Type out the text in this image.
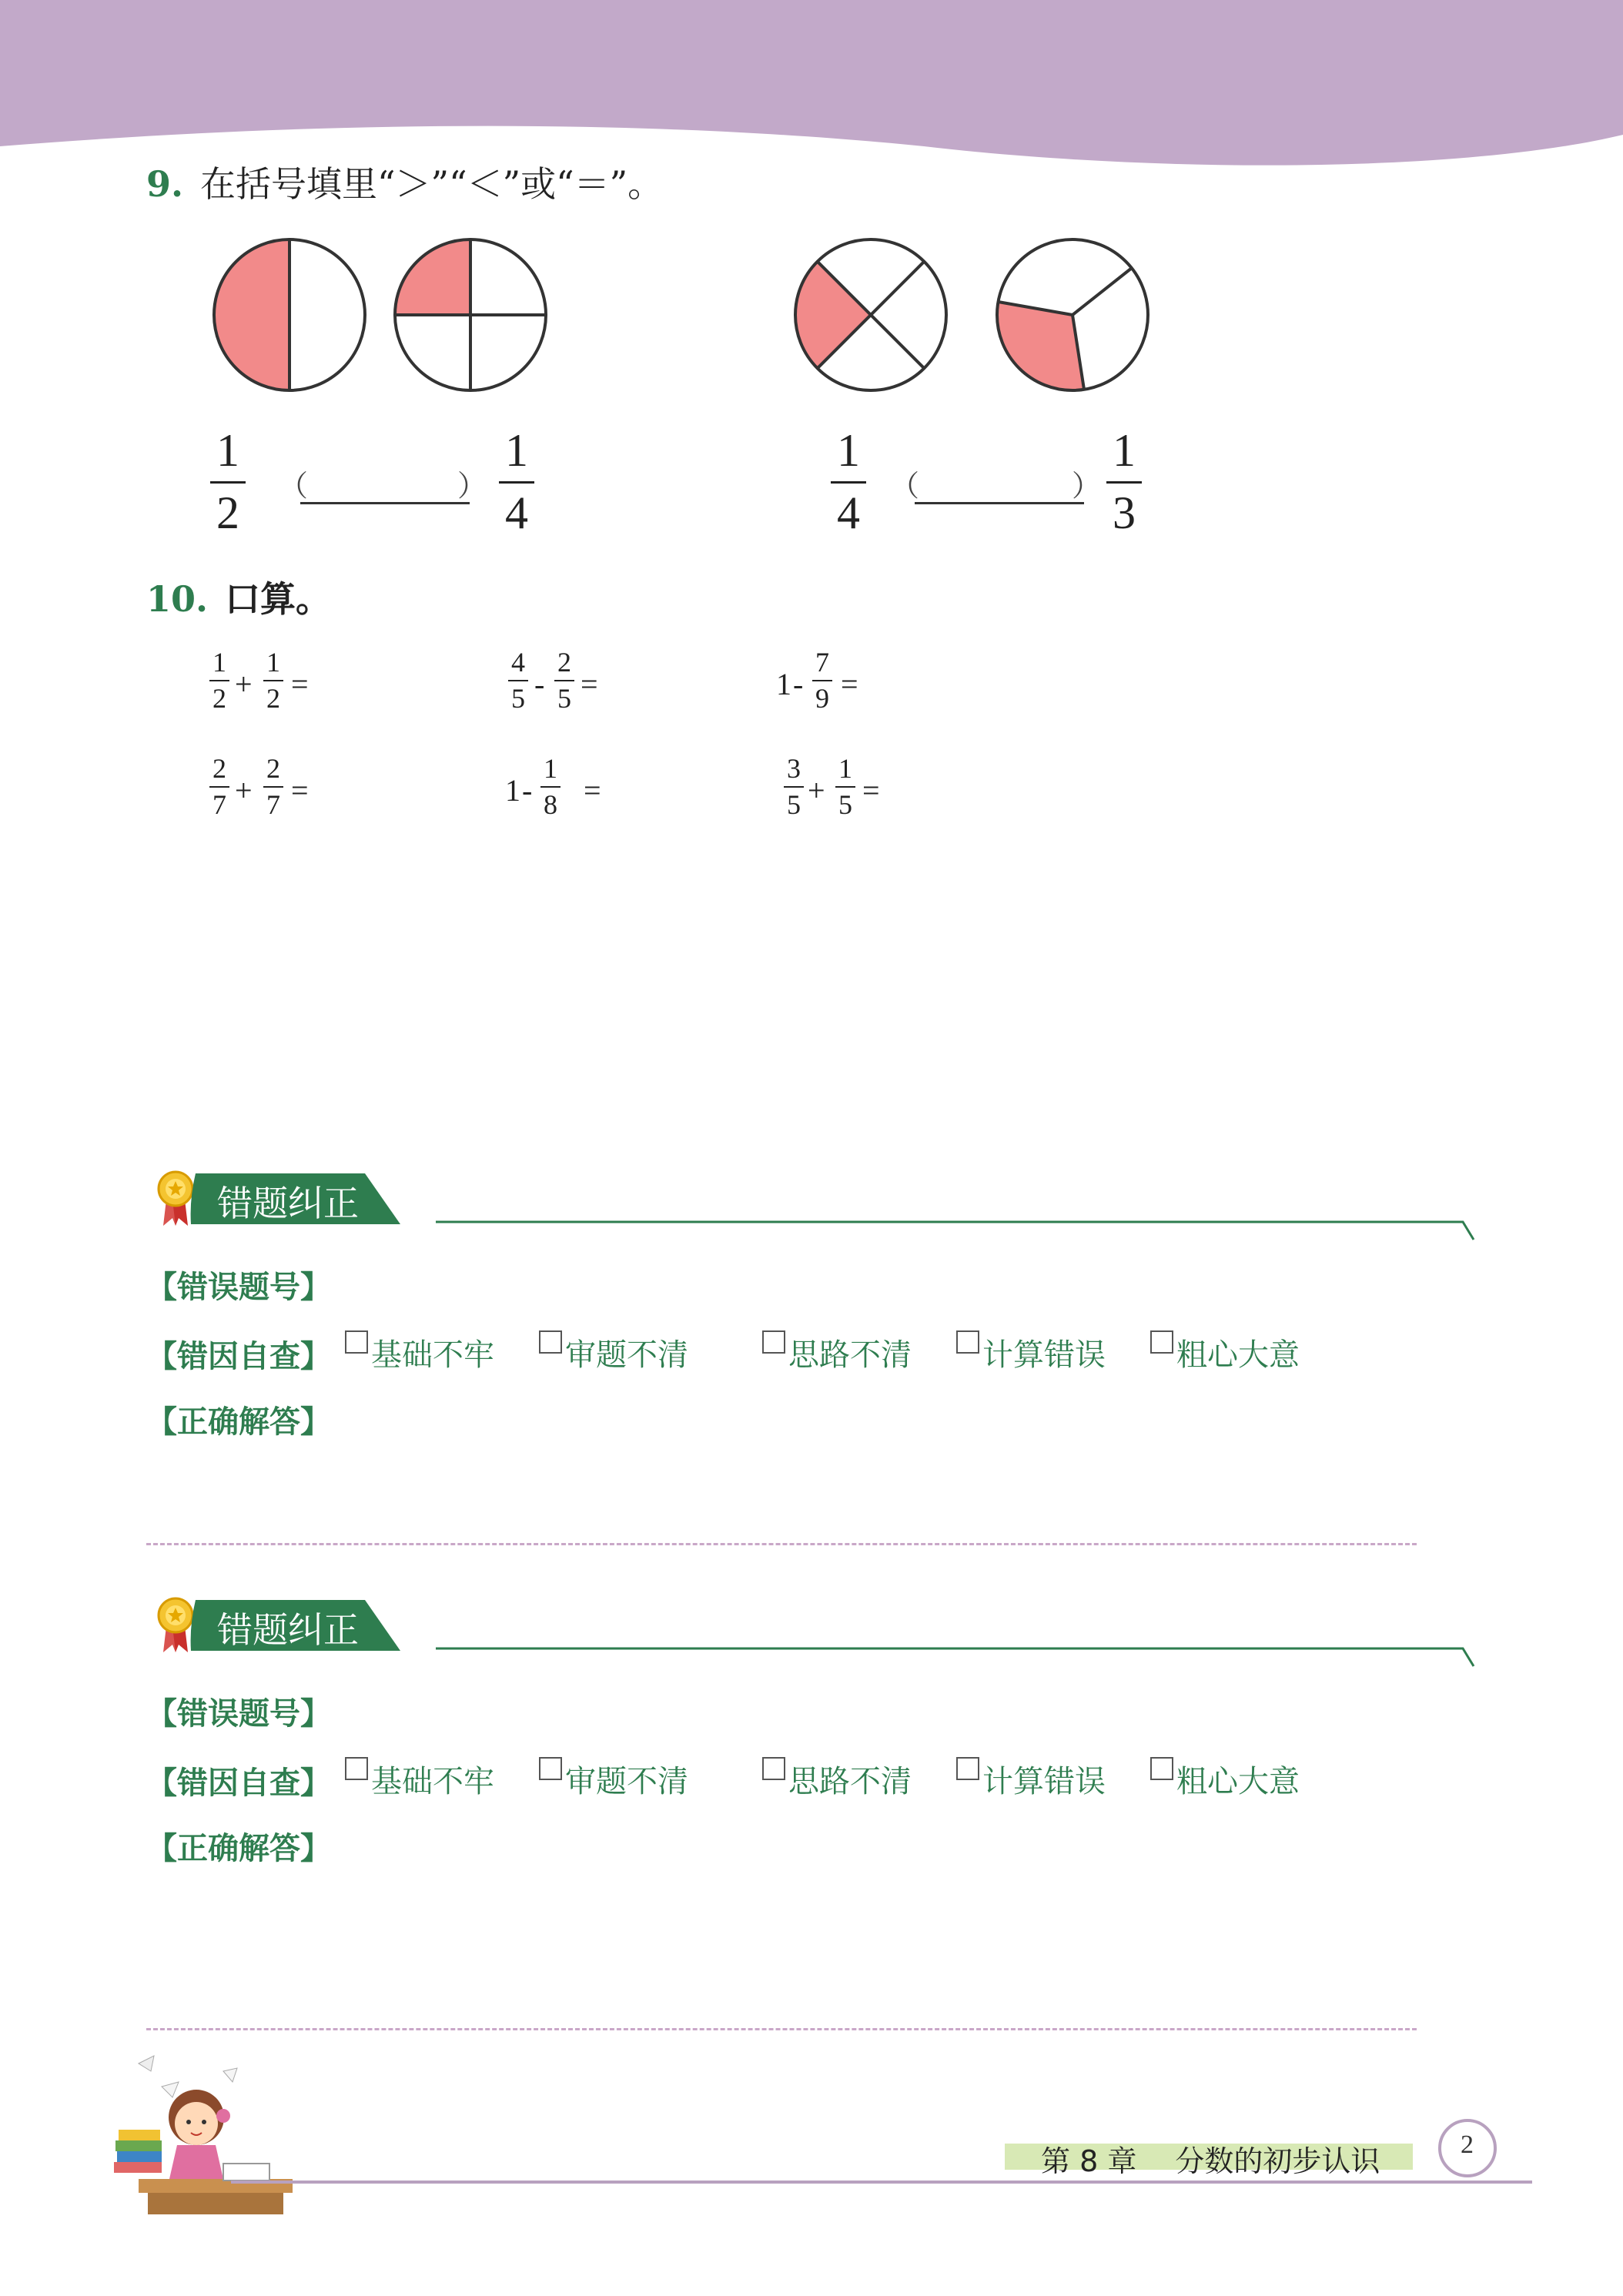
9. 在括号填里“＞”“＜”或“＝”。
1
2
（	）
1
4
1
4
（	）
1
3
10. 口算。
1
2 +
1
2 =
4
5 -
2
5 =	1 -
7
9 =
2
7 +
2
7 =	1 -
1
8 =
3
5 +
1
5 =
错题纠正
【错误题号】
【错因自查】 基础不牢 审题不清	思路不清 计算错误 粗心大意
【正确解答】
错题纠正
【错误题号】
【错因自查】 基础不牢 审题不清	思路不清 计算错误 粗心大意
【正确解答】
第 8 章　 分数的初步认识	2
